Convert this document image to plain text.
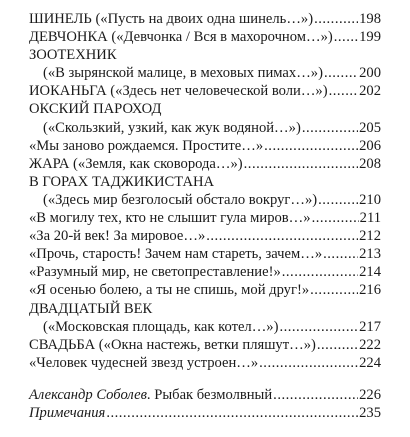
ШИНЕЛЬ («Пусть на двоих одна шинель…») .....	198
ДЕВЧОНКА («Девчонка / Вся в махорочном…») ..... 199
ЗООТЕХНИК
(«В зырянской малице, в меховых пимах…») ..... 200
ИОКАНЬГА («Здесь нет человеческой воли…») ..... 202
ОКСКИЙ ПАРОХОД
(«Скользкий, узкий, как жук водяной…») .....	205
«Мы заново рождаемся. Простите…» .....	206
ЖАРА («Земля, как сковорода…») .....	208
В ГОРАХ ТАДЖИКИСТАНА
(«Здесь мир безголосый обстало вокруг…») .....	210
«В могилу тех, кто не слышит гула миров…» .....	211
«За 20-й век! За мировое…» .....	212
«Прочь, старость! Зачем нам стареть, зачем…» .....	213
«Разумный мир, не светопреставление!» .....	214
«Я осенью болею, а ты не спишь, мой друг!» .....	216
ДВАДЦАТЫЙ ВЕК
(«Московская площадь, как котел…») .....	217
СВАДЬБА («Окна настежь, ветки пляшут…») .....	222
«Человек чудесней звезд устроен…» .....	224
Александр Соболев. Рыбак безмолвный .....	226
Примечания .....	235
